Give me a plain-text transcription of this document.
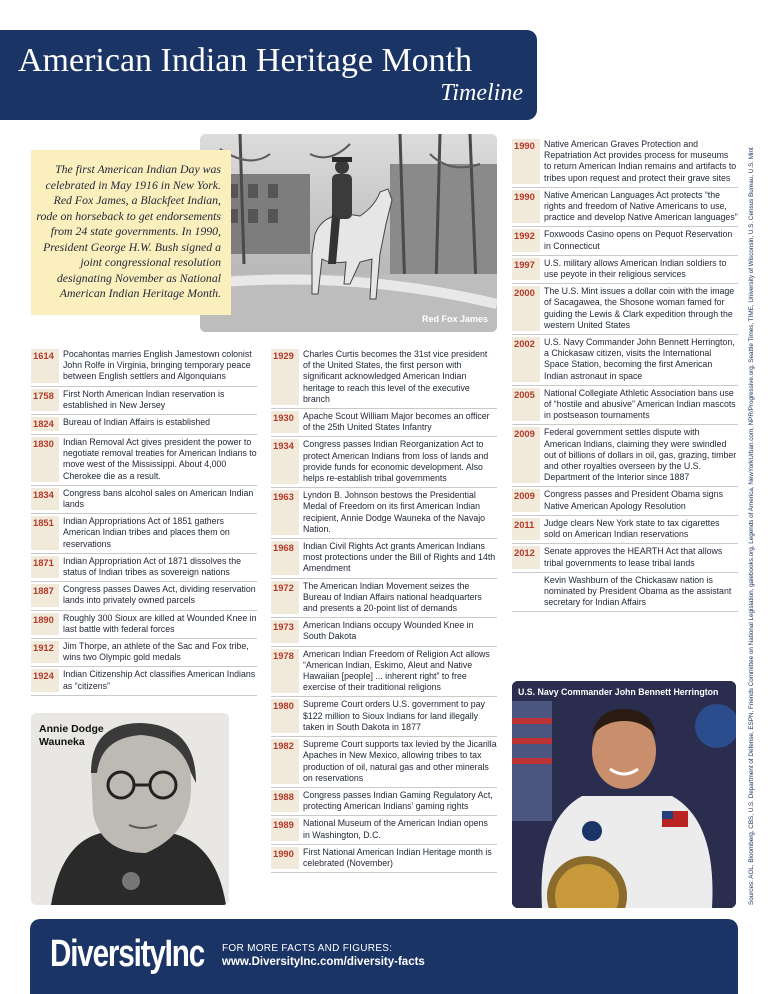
American Indian Heritage Month
Timeline
Sources: AOL, Bloomberg, CBS, U.S. Department of Defense, ESPN, Friends Committee on National Legislation, galebooks.org, Legends of America, NewYorkUrban.com, NPR/Progressive.org, Seattle Times, TIME, University of Wisconsin, U.S. Census Bureau, U.S. Mint
Red Fox James
The first American Indian Day was celebrated in May 1916 in New York. Red Fox James, a Blackfeet Indian, rode on horseback to get endorsements from 24 state governments. In 1990, President George H.W. Bush signed a joint congressional resolution designating November as National American Indian Heritage Month.
1614	Pocahontas marries English Jamestown colonist John Rolfe in Virginia, bringing temporary peace between English settlers and Algonquians
1758	First North American Indian reservation is established in New Jersey
1824	Bureau of Indian Affairs is established
1830	Indian Removal Act gives president the power to negotiate removal treaties for American Indians to move west of the Mississippi. About 4,000 Cherokee die as a result.
1834	Congress bans alcohol sales on American Indian lands
1851	Indian Appropriations Act of 1851 gathers American Indian tribes and places them on reservations
1871	Indian Appropriation Act of 1871 dissolves the status of Indian tribes as sovereign nations
1887	Congress passes Dawes Act, dividing reservation lands into privately owned parcels
1890	Roughly 300 Sioux are killed at Wounded Knee in last battle with federal forces
1912	Jim Thorpe, an athlete of the Sac and Fox tribe, wins two Olympic gold medals
1924	Indian Citizenship Act classifies American Indians as “citizens”
1929	Charles Curtis becomes the 31st vice president of the United States, the first person with significant acknowledged American Indian heritage to reach this level of the executive branch
1930	Apache Scout William Major becomes an officer of the 25th United States Infantry
1934	Congress passes Indian Reorganization Act to protect American Indians from loss of lands and provide funds for economic development. Also helps re-establish tribal governments
1963	Lyndon B. Johnson bestows the Presidential Medal of Freedom on its first American Indian recipient, Annie Dodge Wauneka of the Navajo Nation.
1968	Indian Civil Rights Act grants American Indians most protections under the Bill of Rights and 14th Amendment
1972	The American Indian Movement seizes the Bureau of Indian Affairs national headquarters and presents a 20-point list of demands
1973	American Indians occupy Wounded Knee in South Dakota
1978	American Indian Freedom of Religion Act allows “American Indian, Eskimo, Aleut and Native Hawaiian [people] ... inherent right” to free exercise of their traditional religions
1980	Supreme Court orders U.S. government to pay $122 million to Sioux Indians for land illegally taken in South Dakota in 1877
1982	Supreme Court supports tax levied by the Jicarilla Apaches in New Mexico, allowing tribes to tax production of oil, natural gas and other minerals on reservations
1988	Congress passes Indian Gaming Regulatory Act, protecting American Indians’ gaming rights
1989	National Museum of the American Indian opens in Washington, D.C.
1990	First National American Indian Heritage month is celebrated (November)
1990	Native American Graves Protection and Repatriation Act provides process for museums to return American Indian remains and artifacts to tribes upon request and protect their grave sites
1990	Native American Languages Act protects “the rights and freedom of Native Americans to use, practice and develop Native American languages”
1992	Foxwoods Casino opens on Pequot Reservation in Connecticut
1997	U.S. military allows American Indian soldiers to use peyote in their religious services
2000	The U.S. Mint issues a dollar coin with the image of Sacagawea, the Shosone woman famed for guiding the Lewis & Clark expedition through the western United States
2002	U.S. Navy Commander John Bennett Herrington, a Chickasaw citizen, visits the International Space Station, becoming the first American Indian astronaut in space
2005	National Collegiate Athletic Association bans use of “hostile and abusive” American Indian mascots in postseason tournaments
2009	Federal government settles dispute with American Indians, claiming they were swindled out of billions of dollars in oil, gas, grazing, timber and other royalties overseen by the U.S. Department of the Interior since 1887
2009	Congress passes and President Obama signs Native American Apology Resolution
2011	Judge clears New York state to tax cigarettes sold on American Indian reservations
2012	Senate approves the HEARTH Act that allows tribal governments to lease tribal lands
Kevin Washburn of the Chickasaw nation is nominated by President Obama as the assistant secretary for Indian Affairs
Annie Dodge Wauneka
U.S. Navy Commander John Bennett Herrington
DiversityInc FOR MORE FACTS AND FIGURES:
www.DiversityInc.com/diversity-facts
